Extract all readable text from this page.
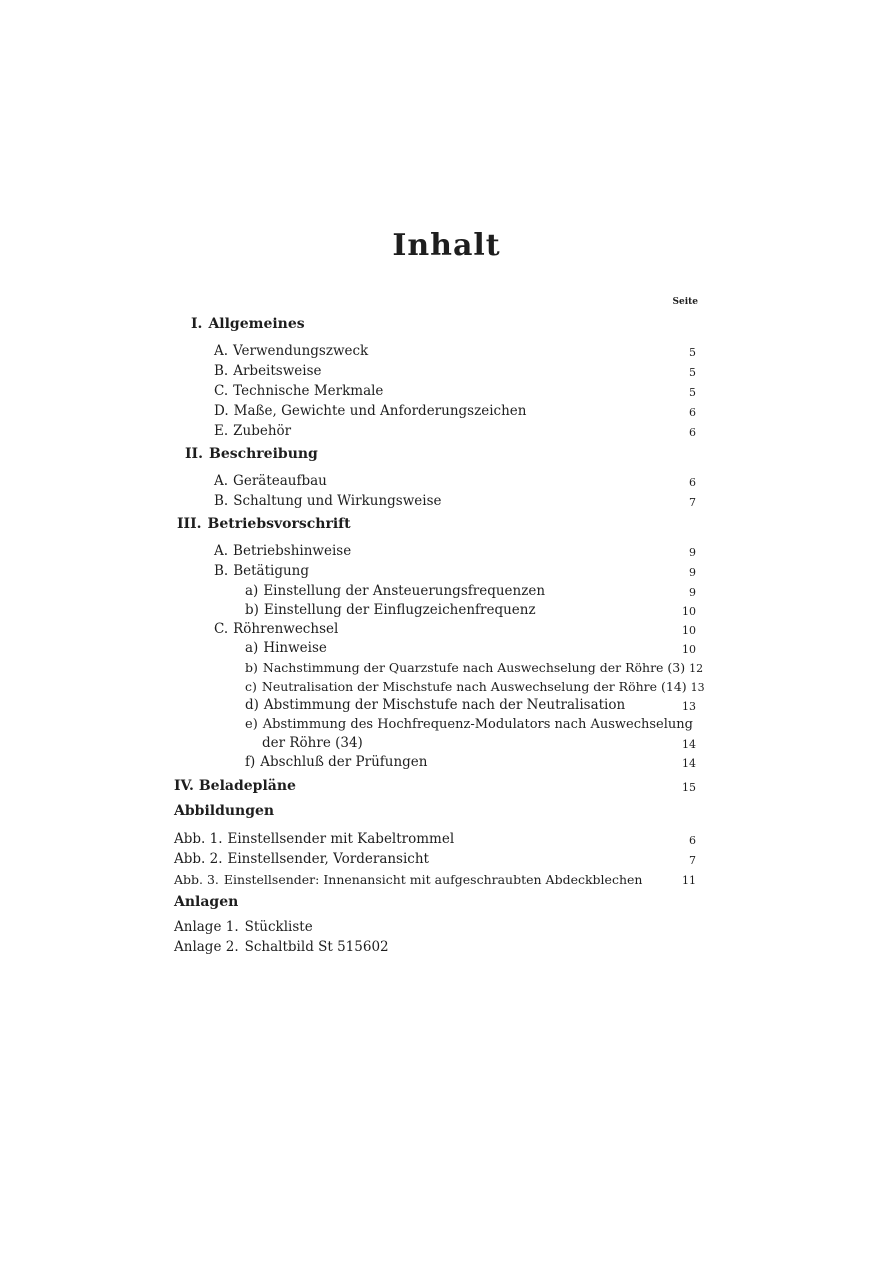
Inhalt
Seite
I. Allgemeines
A. Verwendungszweck	5
B. Arbeitsweise	5
C. Technische Merkmale	5
D. Maße, Gewichte und Anforderungszeichen	6
E. Zubehör	6
II. Beschreibung
A. Geräteaufbau	6
B. Schaltung und Wirkungsweise	7
III. Betriebsvorschrift
A. Betriebshinweise	9
B. Betätigung	9
a) Einstellung der Ansteuerungsfrequenzen	9
b) Einstellung der Einflugzeichenfrequenz	10
C. Röhrenwechsel	10
a) Hinweise	10
b) Nachstimmung der Quarzstufe nach Auswechselung der Röhre (3) 12
c) Neutralisation der Mischstufe nach Auswechselung der Röhre (14) 13
d) Abstimmung der Mischstufe nach der Neutralisation	13
e) Abstimmung des Hochfrequenz-Modulators nach Auswechselung
der Röhre (34)	14
f) Abschluß der Prüfungen	14
IV. Beladepläne	15
Abbildungen
Abb. 1. Einstellsender mit Kabeltrommel	6
Abb. 2. Einstellsender, Vorderansicht	7
Abb. 3. Einstellsender: Innenansicht mit aufgeschraubten Abdeckblechen	11
Anlagen
Anlage 1. Stückliste
Anlage 2. Schaltbild St 515602
